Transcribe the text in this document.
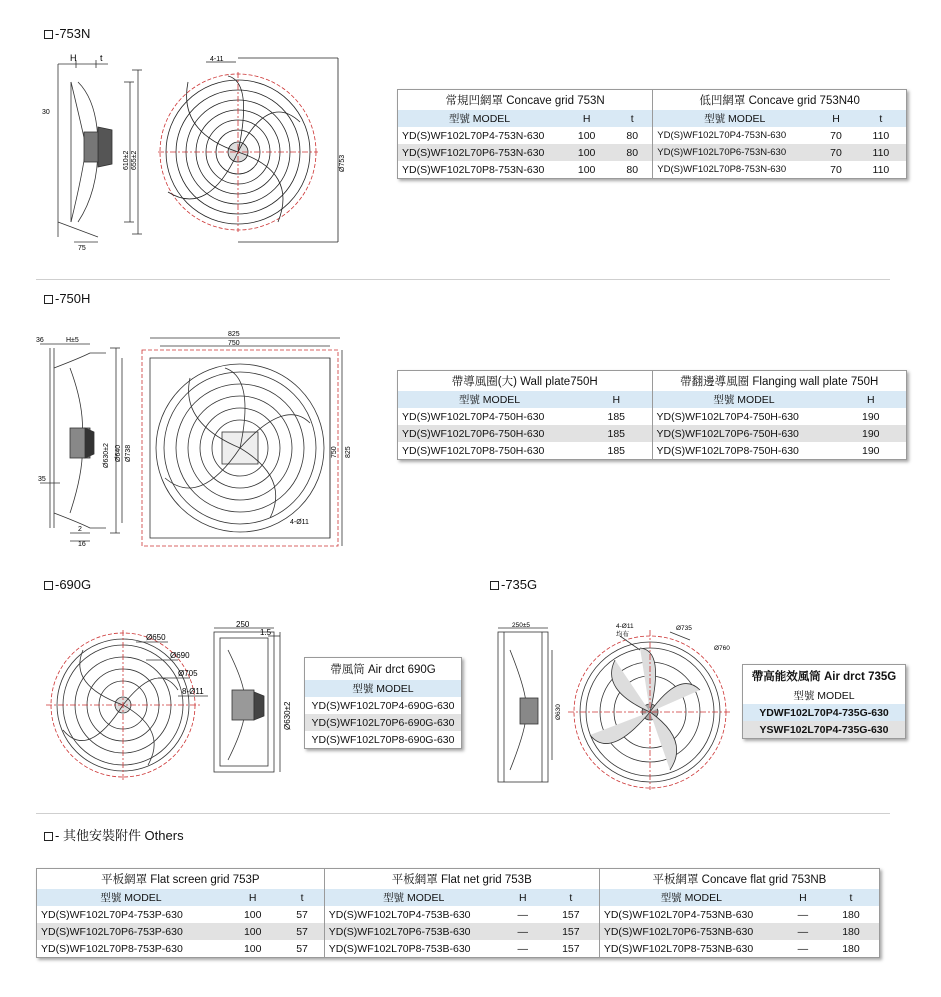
-753N
H	t
30
75
610±2 655±2
4-11
Ø753
常規凹網罩 Concave grid 753N			低凹網罩 Concave grid 753N40		
型號 MODEL	H	t	型號 MODEL	H	t
YD(S)WF102L70P4-753N-630	100	80	YD(S)WF102L70P4-753N-630	70	110
YD(S)WF102L70P6-753N-630	100	80	YD(S)WF102L70P6-753N-630	70	110
YD(S)WF102L70P8-753N-630	100	80	YD(S)WF102L70P8-753N-630	70	110
-750H
36	H±5
35
2
16
Ø630±2 Ø640 Ø738
825
750
750 825
4-Ø11
帶導風圈(大) Wall plate750H		帶翻邊導風圈 Flanging wall plate 750H	
型號 MODEL	H	型號 MODEL	H
YD(S)WF102L70P4-750H-630	185	YD(S)WF102L70P4-750H-630	190
YD(S)WF102L70P6-750H-630	185	YD(S)WF102L70P6-750H-630	190
YD(S)WF102L70P8-750H-630	185	YD(S)WF102L70P8-750H-630	190
-690G
Ø650
Ø690
Ø705
8-Ø11
250
1.5
Ø630±2
帶風筒 Air drct 690G
型號 MODEL
YD(S)WF102L70P4-690G-630
YD(S)WF102L70P6-690G-630
YD(S)WF102L70P8-690G-630
-735G
250±5	4-Ø11
均布
Ø735
Ø760
Ø630
帶高能效風筒 Air drct 735G
型號 MODEL
YDWF102L70P4-735G-630
YSWF102L70P4-735G-630
- 其他安裝附件 Others
平板網罩 Flat screen grid 753P			平板網罩 Flat net grid 753B			平板網罩 Concave flat grid 753NB		
型號 MODEL	H	t	型號 MODEL	H	t	型號 MODEL	H	t
YD(S)WF102L70P4-753P-630	100	57	YD(S)WF102L70P4-753B-630	—	157	YD(S)WF102L70P4-753NB-630	—	180
YD(S)WF102L70P6-753P-630	100	57	YD(S)WF102L70P6-753B-630	—	157	YD(S)WF102L70P6-753NB-630	—	180
YD(S)WF102L70P8-753P-630	100	57	YD(S)WF102L70P8-753B-630	—	157	YD(S)WF102L70P8-753NB-630	—	180
